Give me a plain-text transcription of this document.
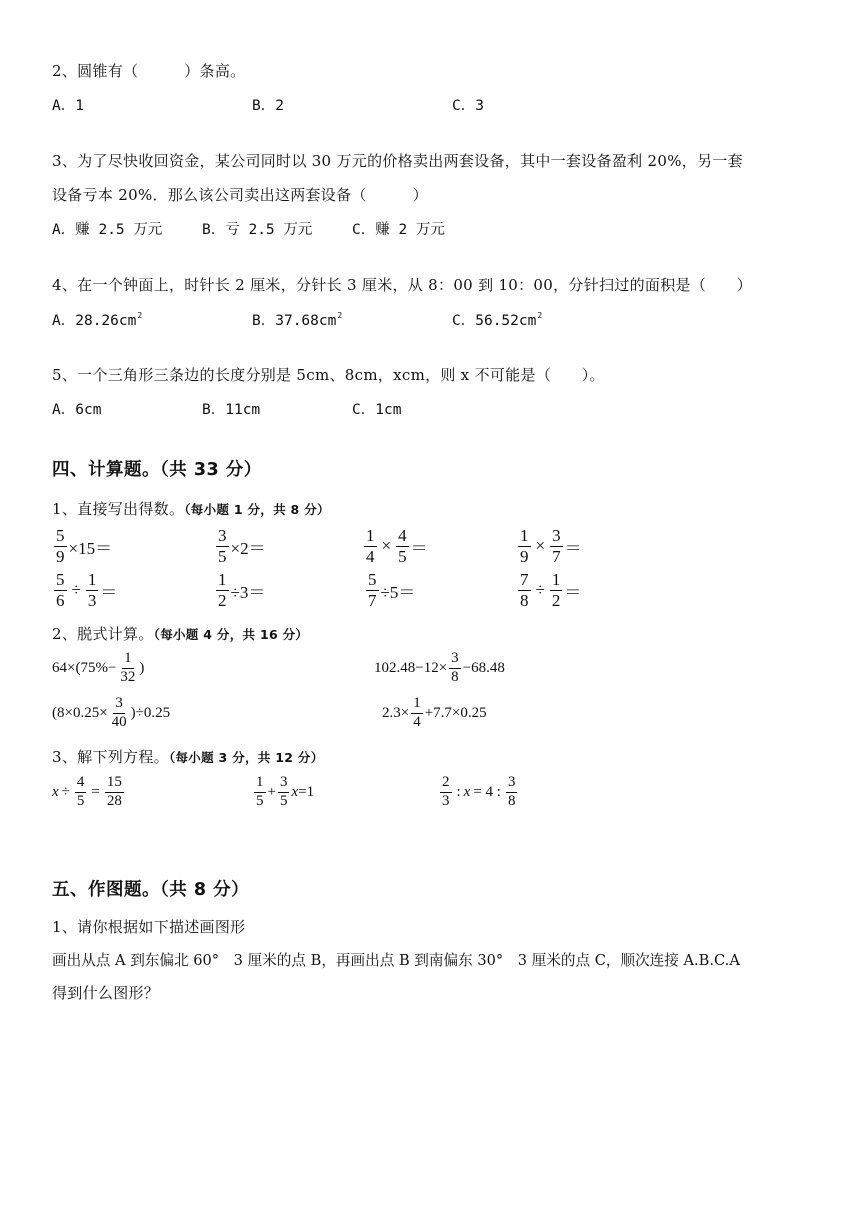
2、圆锥有（　　　）条高。
A．1	B．2	C．3
3、为了尽快收回资金，某公司同时以 30 万元的价格卖出两套设备，其中一套设备盈利 20%，另一套
设备亏本 20%．那么该公司卖出这两套设备（　　　）
A．赚 2.5 万元	B．亏 2.5 万元	C．赚 2 万元
4、在一个钟面上，时针长 2 厘米，分针长 3 厘米，从 8：00 到 10：00，分针扫过的面积是（　　）
A．$28.26cm^2$	B．$37.68cm^2$	C．$56.52cm^2$
5、一个三角形三条边的长度分别是 5cm、8cm，xcm，则 x 不可能是（　　）。
A．6cm	B．11cm	C．1cm
四、计算题。（共 33 分）
1、直接写出得数。（每小题 1 分，共 8 分）
$\frac{5}{9} \times 15=$	$\frac{3}{5} \times 2=$	$\frac{1}{4} \times \frac{4}{5}$ ＝	$\frac{1}{9} \times \frac{3}{7}$ ＝
$\frac{5}{6} \div \frac{1}{3}$ ＝	$\frac{1}{2} \div 3=$	$\frac{5}{7} \div 5=$	$\frac{7}{8} \div \frac{1}{2}$ ＝
2、脱式计算。（每小题 4 分，共 16 分）
$64\times(75\%- \frac{1}{32}$ )	$102.48-12\times \frac{3}{8} -68.48$
$(8\times 0.25\times \frac{3}{40} )\div 0.25$	$2.3\times \frac{1}{4} +7.7\times 0.25$
3、解下列方程。（每小题 3 分，共 12 分）
$x \div \frac{4}{5} = \frac{15}{28}$	$\frac{1}{5} + \frac{3}{5}$ x =1	$\frac{2}{3}$ : x = 4 : $\frac{3}{8}$
五、作图题。（共 8 分）
1、请你根据如下描述画图形
画出从点 A 到东偏北 60°　3 厘米的点 B，再画出点 B 到南偏东 30°　3 厘米的点 C，顺次连接 A.B.C.A
得到什么图形？
